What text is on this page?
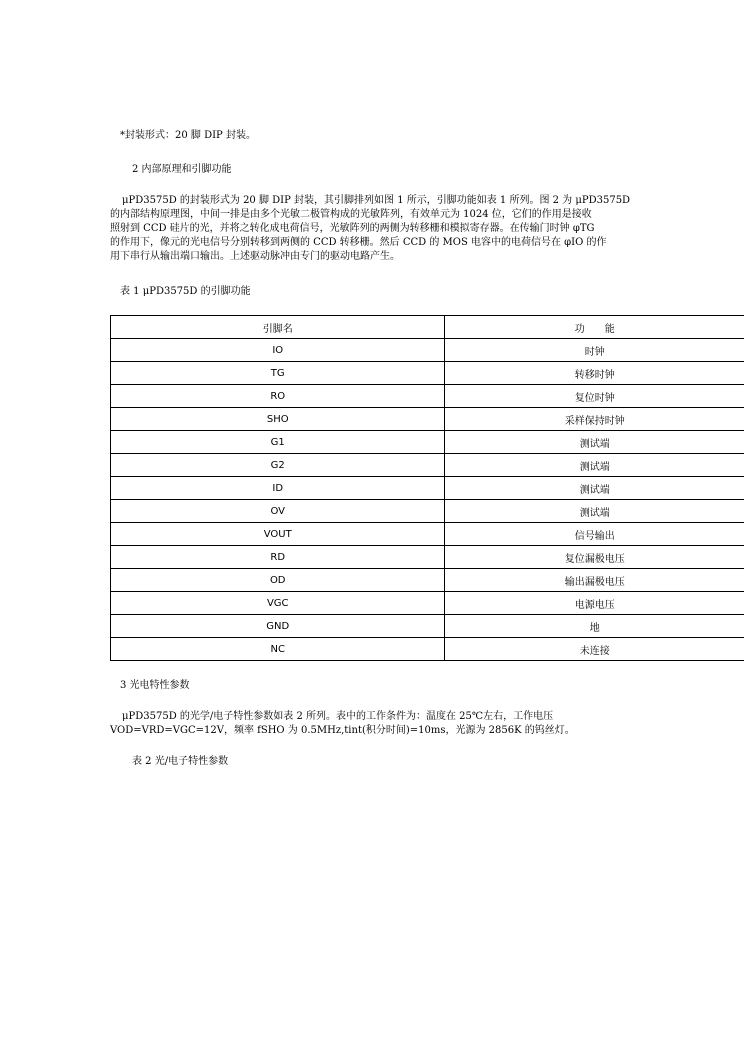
*封装形式：20 脚 DIP 封装。
2 内部原理和引脚功能
μPD3575D 的封装形式为 20 脚 DIP 封装，其引脚排列如图 1 所示，引脚功能如表 1 所列。图 2 为 μPD3575D
的内部结构原理图，中间一排是由多个光敏二极管构成的光敏阵列，有效单元为 1024 位，它们的作用是接收
照射到 CCD 硅片的光，并将之转化成电荷信号，光敏阵列的两侧为转移栅和模拟寄存器。在传输门时钟 φTG
的作用下，像元的光电信号分别转移到两侧的 CCD 转移栅。然后 CCD 的 MOS 电容中的电荷信号在 φIO 的作
用下串行从输出端口输出。上述驱动脉冲由专门的驱动电路产生。
表 1 μPD3575D 的引脚功能
引脚名	功　　能
IO	时钟
TG	转移时钟
RO	复位时钟
SHO	采样保持时钟
G1	测试端
G2	测试端
ID	测试端
OV	测试端
VOUT	信号输出
RD	复位漏极电压
OD	输出漏极电压
VGC	电源电压
GND	地
NC	未连接
3 光电特性参数
μPD3575D 的光学/电子特性参数如表 2 所列。表中的工作条件为：温度在 25℃左右，工作电压
VOD=VRD=VGC=12V，频率 fSHO 为 0.5MHz,tint(积分时间)=10ms，光源为 2856K 的钨丝灯。
表 2 光/电子特性参数
